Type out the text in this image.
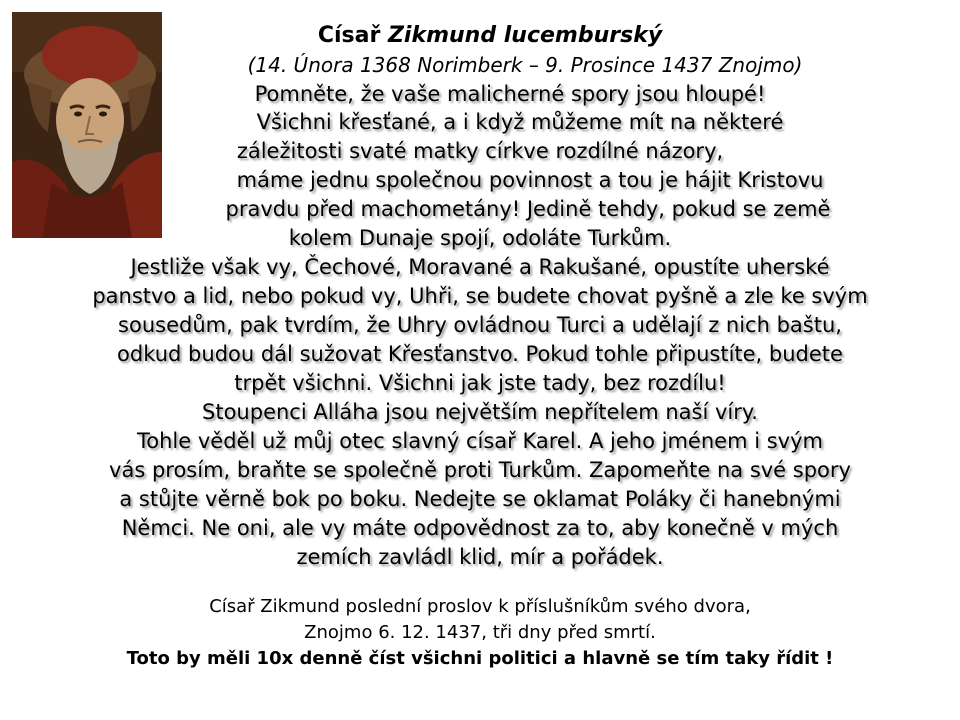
Císař Zikmund lucemburský
(14. Února 1368 Norimberk – 9. Prosince 1437 Znojmo)
Pomněte, že vaše malicherné spory jsou hloupé!
Všichni křesťané, a i když můžeme mít na některé
záležitosti svaté matky církve rozdílné názory,
máme jednu společnou povinnost a tou je hájit Kristovu
pravdu před machometány! Jedině tehdy, pokud se země
kolem Dunaje spojí, odoláte Turkům.
Jestliže však vy, Čechové, Moravané a Rakušané, opustíte uherské
panstvo a lid, nebo pokud vy, Uhři, se budete chovat pyšně a zle ke svým
sousedům, pak tvrdím, že Uhry ovládnou Turci a udělají z nich baštu,
odkud budou dál sužovat Křesťanstvo. Pokud tohle připustíte, budete
trpět všichni. Všichni jak jste tady, bez rozdílu!
Stoupenci Alláha jsou největším nepřítelem naší víry.
Tohle věděl už můj otec slavný císař Karel. A jeho jménem i svým
vás prosím, braňte se společně proti Turkům. Zapomeňte na své spory
a stůjte věrně bok po boku. Nedejte se oklamat Poláky či hanebnými
Němci. Ne oni, ale vy máte odpovědnost za to, aby konečně v mých
zemích zavládl klid, mír a pořádek.
Císař Zikmund poslední proslov k příslušníkům svého dvora,
Znojmo 6. 12. 1437, tři dny před smrtí.
Toto by měli 10x denně číst všichni politici a hlavně se tím taky řídit !
